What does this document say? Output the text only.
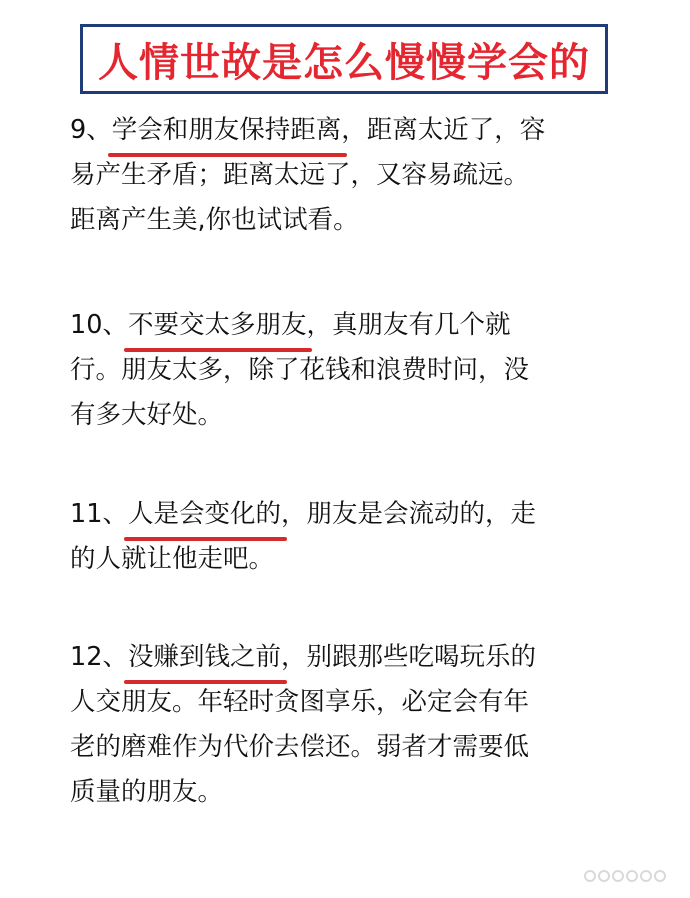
人情世故是怎么慢慢学会的
9、学会和朋友保持距离，距离太近了，容
易产生矛盾；距离太远了，又容易疏远。
距离产生美,你也试试看。
10、不要交太多朋友，真朋友有几个就
行。朋友太多，除了花钱和浪费时问，没
有多大好处。
11、人是会变化的，朋友是会流动的，走
的人就让他走吧。
12、没赚到钱之前，别跟那些吃喝玩乐的
人交朋友。年轻时贪图享乐，必定会有年
老的磨难作为代价去偿还。弱者才需要低
质量的朋友。
